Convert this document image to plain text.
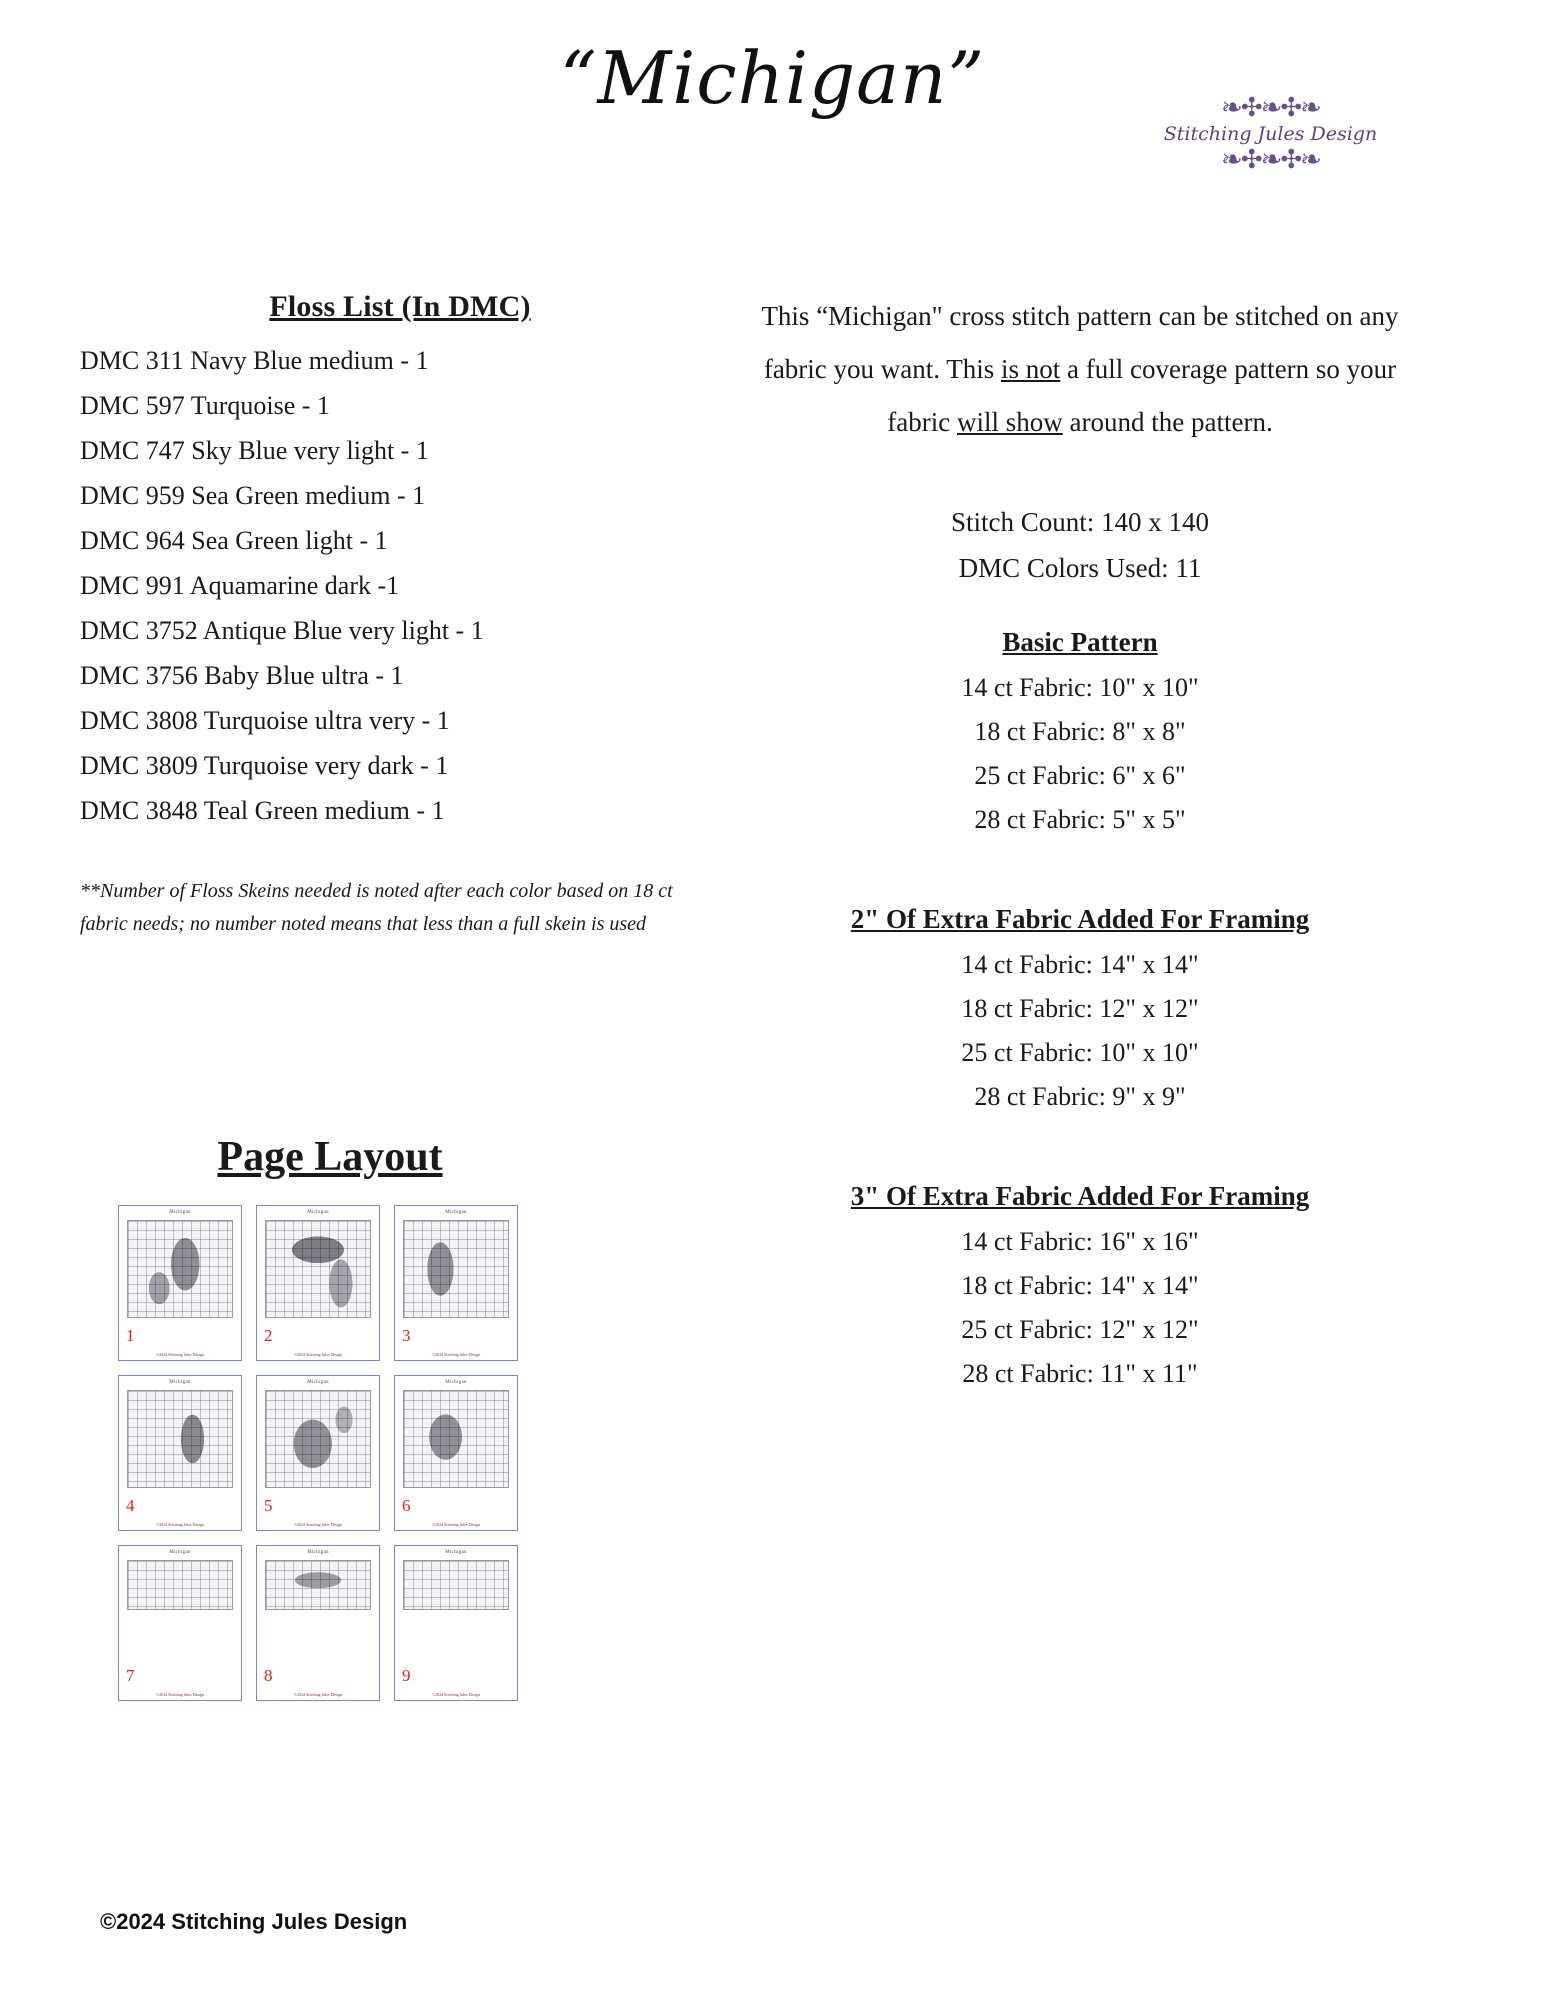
“Michigan”	❧✣❧✣❧
Stitching Jules Design
❧✣❧✣❧
Floss List (In DMC)
DMC 311 Navy Blue medium - 1
DMC 597 Turquoise - 1
DMC 747 Sky Blue very light - 1
DMC 959 Sea Green medium - 1
DMC 964 Sea Green light - 1
DMC 991 Aquamarine dark -1
DMC 3752 Antique Blue very light - 1
DMC 3756 Baby Blue ultra - 1
DMC 3808 Turquoise ultra very - 1
DMC 3809 Turquoise very dark - 1
DMC 3848 Teal Green medium - 1
**Number of Floss Skeins needed is noted after each color based on 18 ct fabric needs; no number noted means that less than a full skein is used
Page Layout
Michigan
1
©2024 Stitching Jules Design
Michigan
2
©2024 Stitching Jules Design
Michigan
3
©2024 Stitching Jules Design
Michigan
4
©2024 Stitching Jules Design
Michigan
5
©2024 Stitching Jules Design
Michigan
6
©2024 Stitching Jules Design
Michigan
7
©2024 Stitching Jules Design
Michigan
8
©2024 Stitching Jules Design
Michigan
9
©2024 Stitching Jules Design

This “Michigan" cross stitch pattern can be stitched on any fabric you want. This is not a full coverage pattern so your fabric will show around the pattern.

Stitch Count: 140 x 140
DMC Colors Used: 11
Basic Pattern
14 ct Fabric: 10" x 10"
18 ct Fabric: 8" x 8"
25 ct Fabric: 6" x 6"
28 ct Fabric: 5" x 5"
2" Of Extra Fabric Added For Framing
14 ct Fabric: 14" x 14"
18 ct Fabric: 12" x 12"
25 ct Fabric: 10" x 10"
28 ct Fabric: 9" x 9"
3" Of Extra Fabric Added For Framing
14 ct Fabric: 16" x 16"
18 ct Fabric: 14" x 14"
25 ct Fabric: 12" x 12"
28 ct Fabric: 11" x 11"
©2024 Stitching Jules Design
